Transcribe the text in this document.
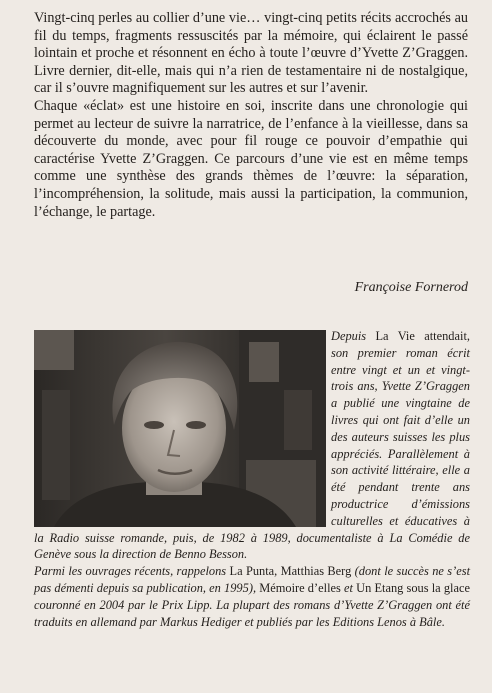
Vingt-cinq perles au collier d’une vie… vingt-cinq petits récits accrochés au fil du temps, fragments ressuscités par la mémoire, qui éclairent le passé lointain et proche et résonnent en écho à toute l’œuvre d’Yvette Z’Graggen. Livre dernier, dit-elle, mais qui n’a rien de testamentaire ni de nostalgique, car il s’ouvre magnifiquement sur les autres et sur l’avenir.

Chaque «éclat» est une histoire en soi, inscrite dans une chronologie qui permet au lecteur de suivre la narratrice, de l’enfance à la vieillesse, dans sa découverte du monde, avec pour fil rouge ce pouvoir d’empathie qui caractérise Yvette Z’Graggen. Ce parcours d’une vie est en même temps comme une synthèse des grands thèmes de l’œuvre: la séparation, l’incompréhension, la solitude, mais aussi la participation, la communion, l’échange, le partage.

Françoise Fornerod

Depuis La Vie attendait, son premier roman écrit entre vingt et un et vingt-trois ans, Yvette Z’Graggen a publié une vingtaine de livres qui ont fait d’elle un des auteurs suisses les plus appréciés. Parallèlement à son activité littéraire, elle a été pendant trente ans productrice d’émissions culturelles et éducatives à la Radio suisse romande, puis, de 1982 à 1989, documentaliste à La Comédie de Genève sous la direction de Benno Besson.

Parmi les ouvrages récents, rappelons La Punta, Matthias Berg (dont le succès ne s’est pas démenti depuis sa publication, en 1995), Mémoire d’elles et Un Etang sous la glace couronné en 2004 par le Prix Lipp. La plupart des romans d’Yvette Z’Graggen ont été traduits en allemand par Markus Hediger et publiés par les Editions Lenos à Bâle.
